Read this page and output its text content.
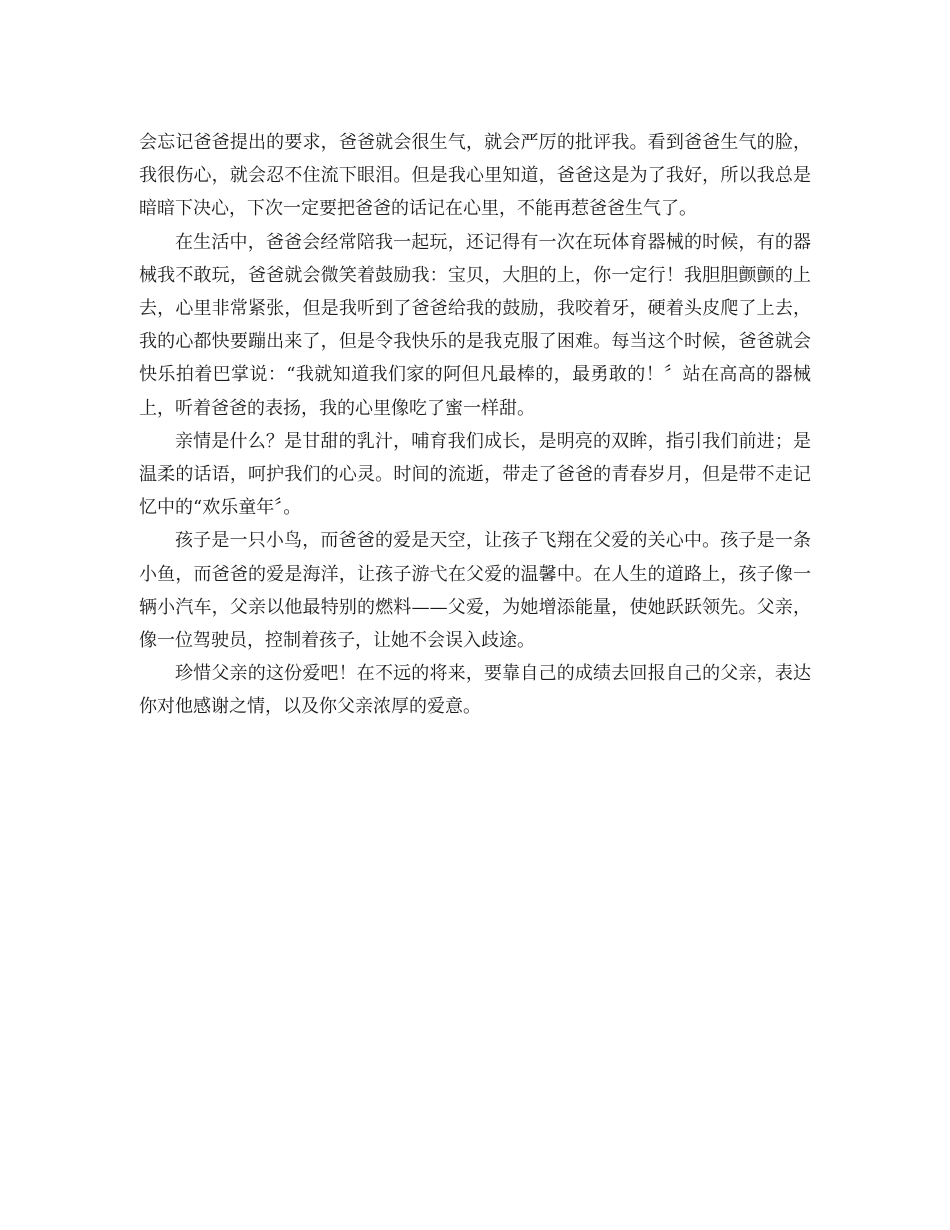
会忘记爸爸提出的要求，爸爸就会很生气，就会严厉的批评我。看到爸爸生气的脸，我很伤心，就会忍不住流下眼泪。但是我心里知道，爸爸这是为了我好，所以我总是暗暗下决心，下次一定要把爸爸的话记在心里，不能再惹爸爸生气了。

在生活中，爸爸会经常陪我一起玩，还记得有一次在玩体育器械的时候，有的器械我不敢玩，爸爸就会微笑着鼓励我：宝贝，大胆的上，你一定行！我胆胆颤颤的上去，心里非常紧张，但是我听到了爸爸给我的鼓励，我咬着牙，硬着头皮爬了上去，我的心都快要蹦出来了，但是令我快乐的是我克服了困难。每当这个时候，爸爸就会快乐拍着巴掌说：“我就知道我们家的阿但凡最棒的，最勇敢的！〞站在高高的器械上，听着爸爸的表扬，我的心里像吃了蜜一样甜。

亲情是什么？是甘甜的乳汁，哺育我们成长，是明亮的双眸，指引我们前进；是温柔的话语，呵护我们的心灵。时间的流逝，带走了爸爸的青春岁月，但是带不走记忆中的“欢乐童年〞。

孩子是一只小鸟，而爸爸的爱是天空，让孩子飞翔在父爱的关心中。孩子是一条小鱼，而爸爸的爱是海洋，让孩子游弋在父爱的温馨中。在人生的道路上，孩子像一辆小汽车，父亲以他最特别的燃料——父爱，为她增添能量，使她跃跃领先。父亲，像一位驾驶员，控制着孩子，让她不会误入歧途。

珍惜父亲的这份爱吧！在不远的将来，要靠自己的成绩去回报自己的父亲，表达你对他感谢之情，以及你父亲浓厚的爱意。
